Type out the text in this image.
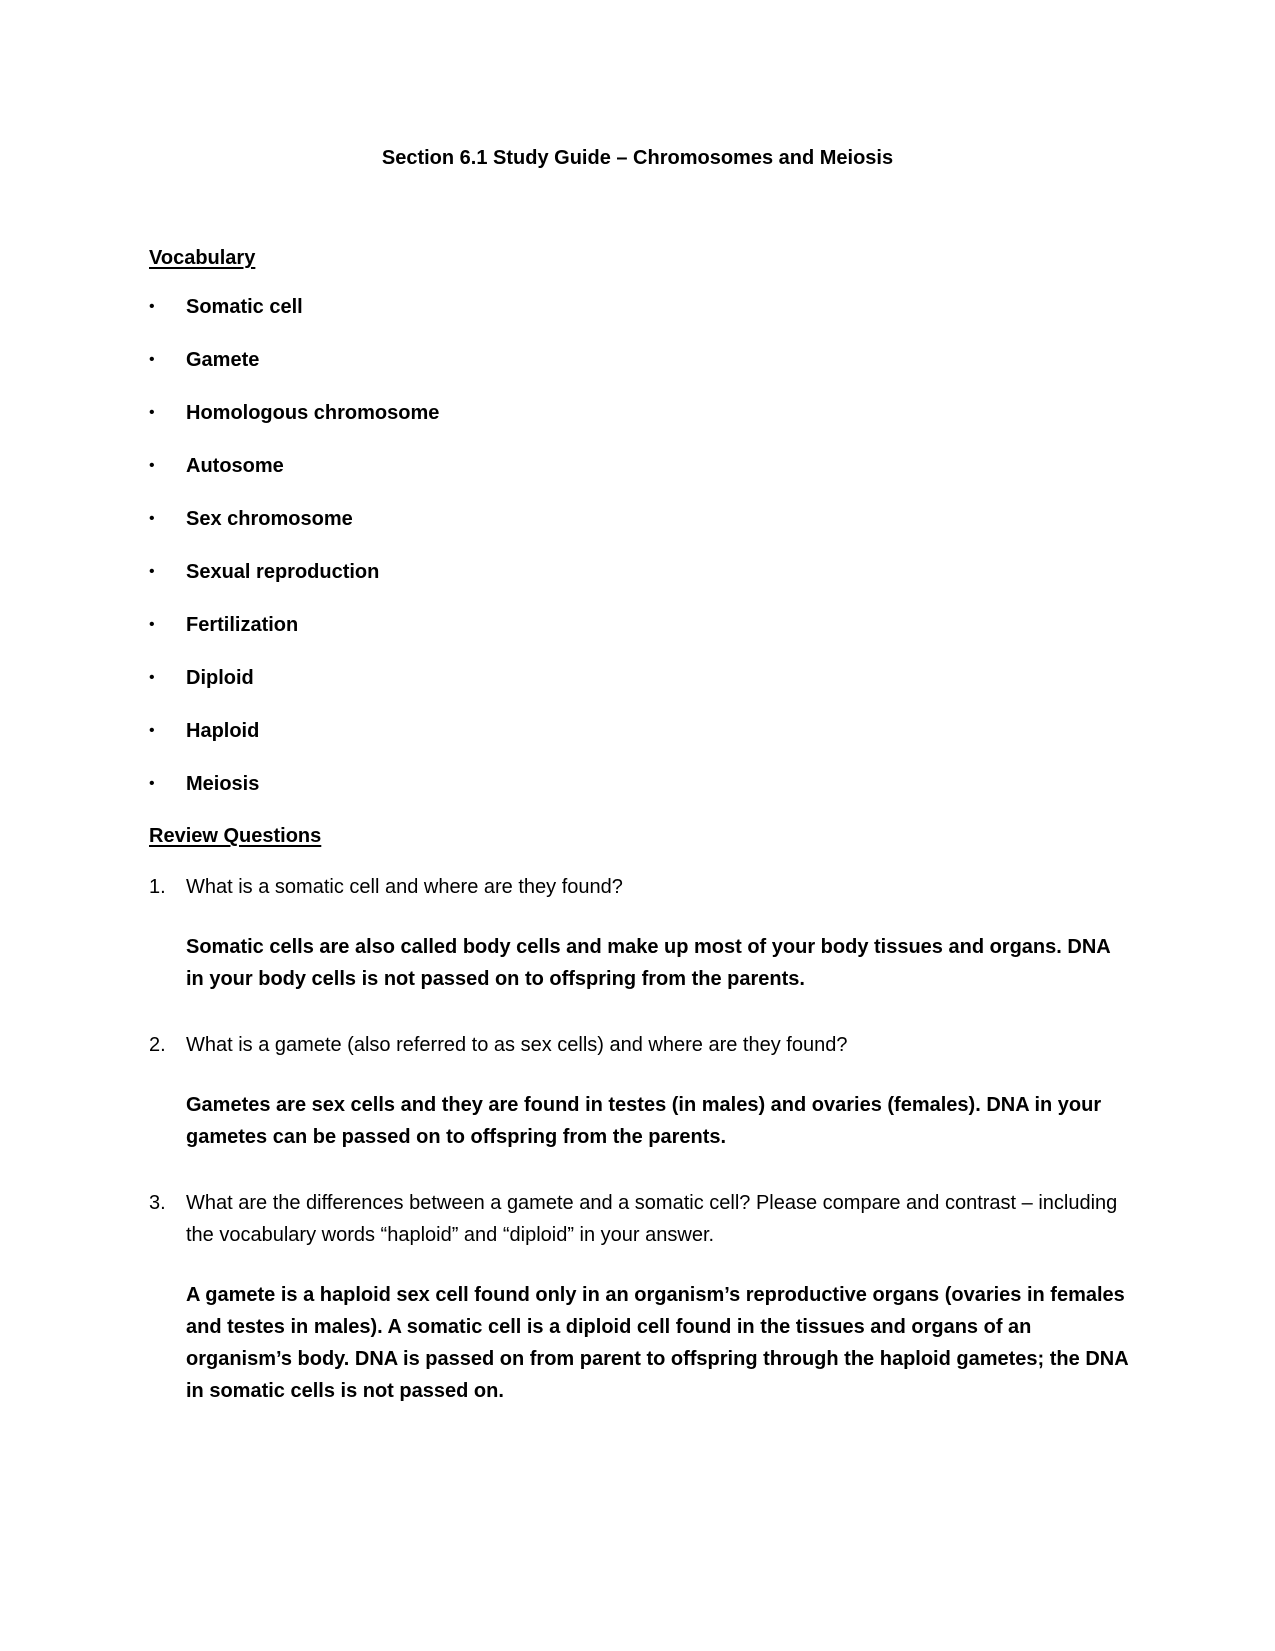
Section 6.1 Study Guide – Chromosomes and Meiosis
Vocabulary
•	Somatic cell
•	Gamete
•	Homologous chromosome
•	Autosome
•	Sex chromosome
•	Sexual reproduction
•	Fertilization
•	Diploid
•	Haploid
•	Meiosis
Review Questions
1. What is a somatic cell and where are they found?
Somatic cells are also called body cells and make up most of your body tissues and organs. DNA in your body cells is not passed on to offspring from the parents.
2. What is a gamete (also referred to as sex cells) and where are they found?
Gametes are sex cells and they are found in testes (in males) and ovaries (females). DNA in your gametes can be passed on to offspring from the parents.
3. What are the differences between a gamete and a somatic cell? Please compare and contrast – including the vocabulary words “haploid” and “diploid” in your answer.
A gamete is a haploid sex cell found only in an organism’s reproductive organs (ovaries in females and testes in males). A somatic cell is a diploid cell found in the tissues and organs of an organism’s body. DNA is passed on from parent to offspring through the haploid gametes; the DNA in somatic cells is not passed on.
